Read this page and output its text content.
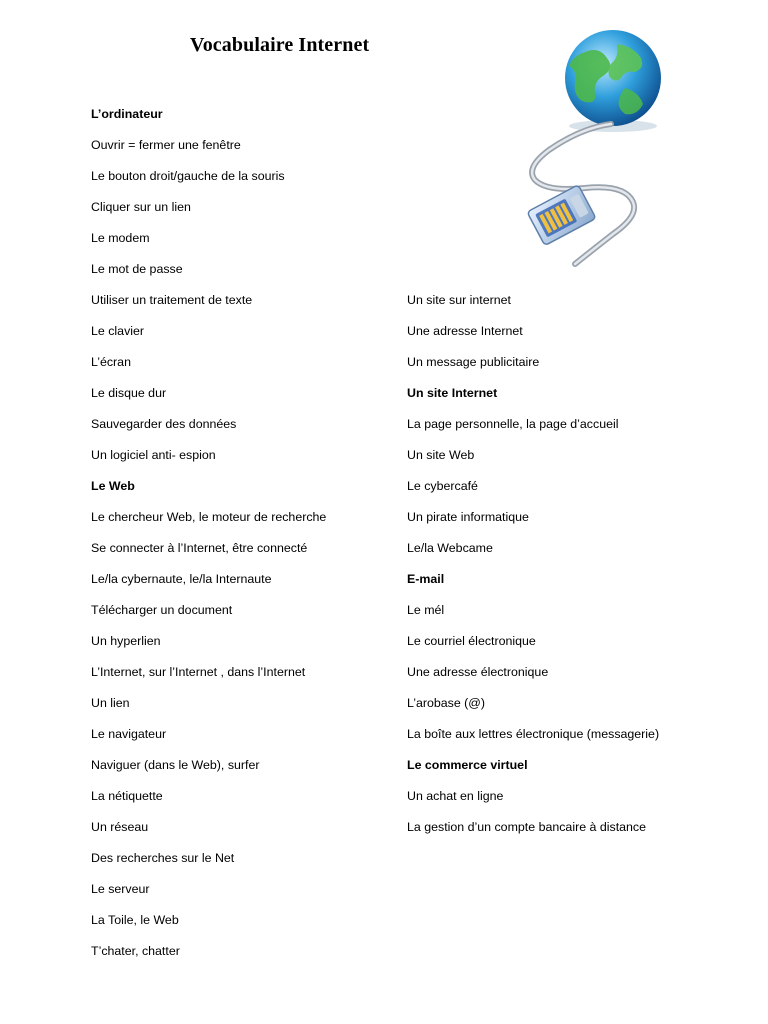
Vocabulaire Internet
L’ordinateur
Ouvrir = fermer une fenêtre
Le bouton droit/gauche de la souris
Cliquer sur un lien
Le modem
Le mot de passe
Utiliser un traitement de texte
Le clavier
L’écran
Le disque dur
Sauvegarder des données
Un logiciel anti- espion
Le Web
Le chercheur Web, le moteur de recherche
Se connecter à l’Internet, être connecté
Le/la cybernaute, le/la Internaute
Télécharger un document
Un hyperlien
L’Internet, sur l’Internet , dans l’Internet
Un lien
Le navigateur
Naviguer (dans le Web), surfer
La nétiquette
Un réseau
Des recherches sur le Net
Le serveur
La Toile, le Web
T’chater, chatter
Un site sur internet
Une adresse Internet
Un message publicitaire
Un site Internet
La page personnelle, la page d’accueil
Un site Web
Le cybercafé
Un pirate informatique
Le/la Webcame
E-mail
Le mél
Le courriel électronique
Une adresse électronique
L’arobase (@)
La boîte aux lettres électronique (messagerie)
Le commerce virtuel
Un achat en ligne
La gestion d’un compte bancaire à distance
